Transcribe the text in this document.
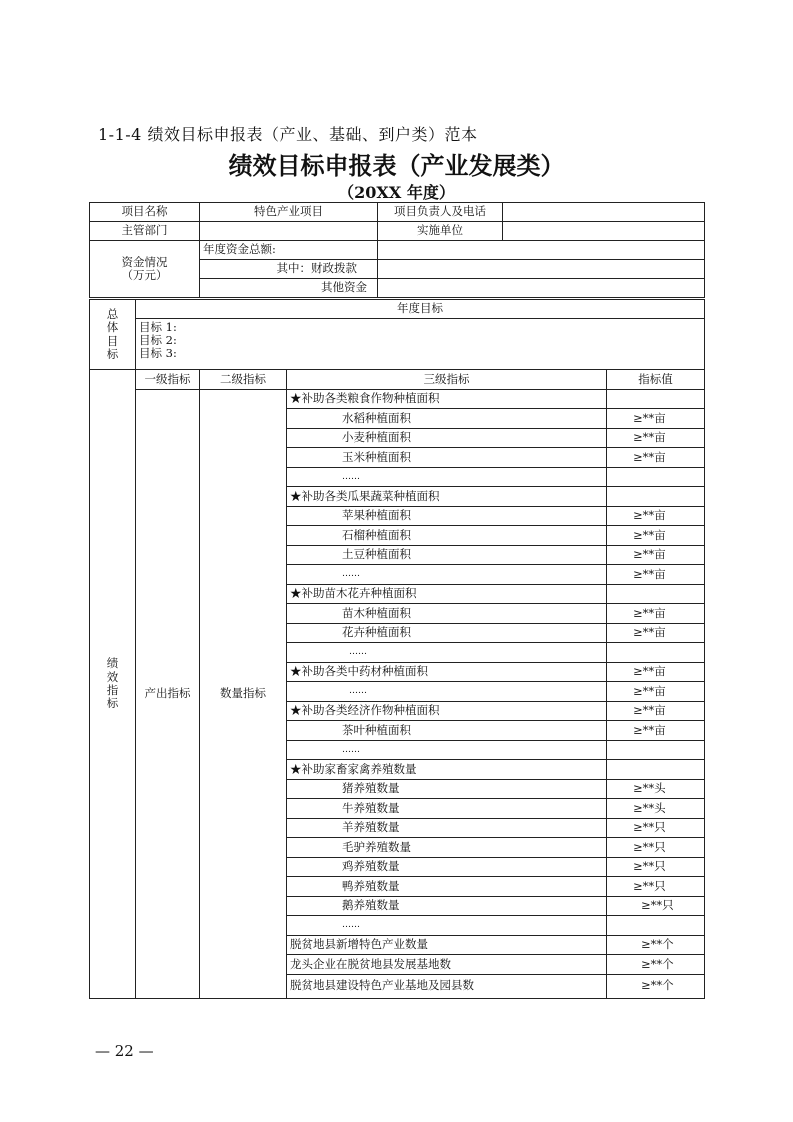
1-1-4 绩效目标申报表（产业、基础、到户类）范本
绩效目标申报表（产业发展类）
（20XX 年度）
项目名称	特色产业项目	项目负责人及电话	
主管部门		实施单位	

资金情况
（万元）	年度资金总额:		
	其中：财政拨款		
	其他资金		
总
体
目
标
	年度目标

目标 1:
目标 2:
目标 3:
绩
效
指
标	一级指标	二级指标	三级指标	指标值
	产出指标	数量指标	★补助各类粮食作物种植面积	
			水稻种植面积	≥**亩
			小麦种植面积	≥**亩
			玉米种植面积	≥**亩
			……	
			★补助各类瓜果蔬菜种植面积	
			苹果种植面积	≥**亩
			石榴种植面积	≥**亩
			土豆种植面积	≥**亩
			……	≥**亩
			★补助苗木花卉种植面积	
			苗木种植面积	≥**亩
			花卉种植面积	≥**亩
			……	
			★补助各类中药材种植面积	≥**亩
			……	≥**亩
			★补助各类经济作物种植面积	≥**亩
			茶叶种植面积	≥**亩
			……	
			★补助家畜家禽养殖数量	
			猪养殖数量	≥**头
			牛养殖数量	≥**头
			羊养殖数量	≥**只
			毛驴养殖数量	≥**只
			鸡养殖数量	≥**只
			鸭养殖数量	≥**只
			鹅养殖数量	≥**只
			……	
			脱贫地县新增特色产业数量	≥**个
			龙头企业在脱贫地县发展基地数	≥**个
			脱贫地县建设特色产业基地及园县数	≥**个
— 22 —
